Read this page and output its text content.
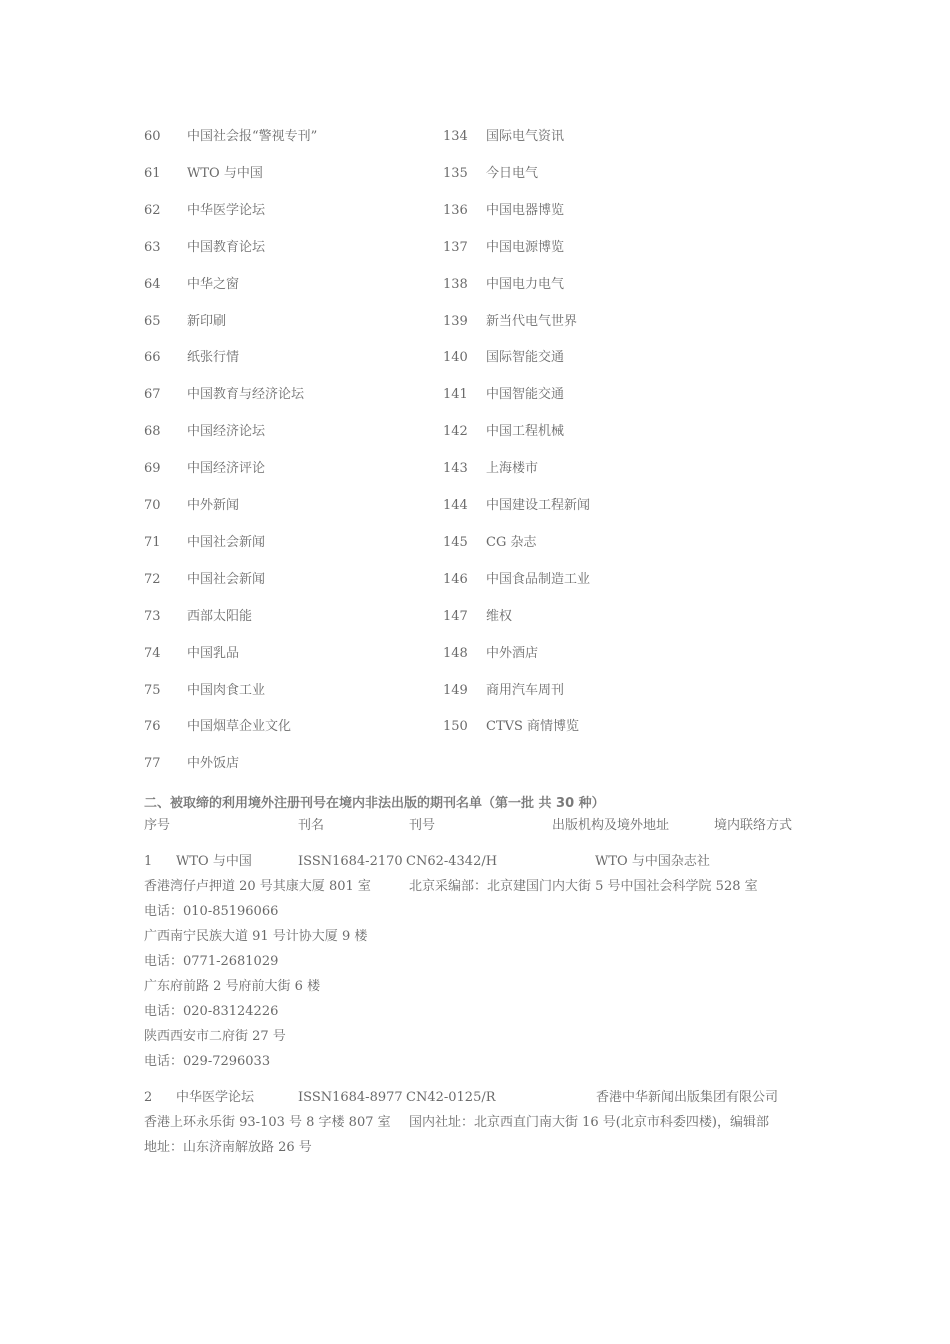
60 中国社会报“警视专刊”
61 WTO 与中国
62 中华医学论坛
63 中国教育论坛
64 中华之窗
65 新印刷
66 纸张行情
67 中国教育与经济论坛
68 中国经济论坛
69 中国经济评论
70 中外新闻
71 中国社会新闻
72 中国社会新闻
73 西部太阳能
74 中国乳品
75 中国肉食工业
76 中国烟草企业文化
77 中外饭店
134 国际电气资讯
135 今日电气
136 中国电器博览
137 中国电源博览
138 中国电力电气
139 新当代电气世界
140 国际智能交通
141 中国智能交通
142 中国工程机械
143 上海楼市
144 中国建设工程新闻
145 CG 杂志
146 中国食品制造工业
147 维权
148 中外酒店
149 商用汽车周刊
150 CTVS 商情博览
二、被取缔的利用境外注册刊号在境内非法出版的期刊名单（第一批 共 30 种）
序号	刊名	刊号	出版机构及境外地址	境内联络方式
1 WTO 与中国	ISSN1684-2170 CN62-4342/H	WTO 与中国杂志社
香港湾仔卢押道 20 号其康大厦 801 室	北京采编部：北京建国门内大街 5 号中国社会科学院 528 室
电话：010-85196066
广西南宁民族大道 91 号计协大厦 9 楼
电话：0771-2681029
广东府前路 2 号府前大街 6 楼
电话：020-83124226
陕西西安市二府街 27 号
电话：029-7296033
2 中华医学论坛	ISSN1684-8977 CN42-0125/R	香港中华新闻出版集团有限公司
香港上环永乐街 93-103 号 8 字楼 807 室 国内社址：北京西直门南大街 16 号(北京市科委四楼)，编辑部
地址：山东济南解放路 26 号
